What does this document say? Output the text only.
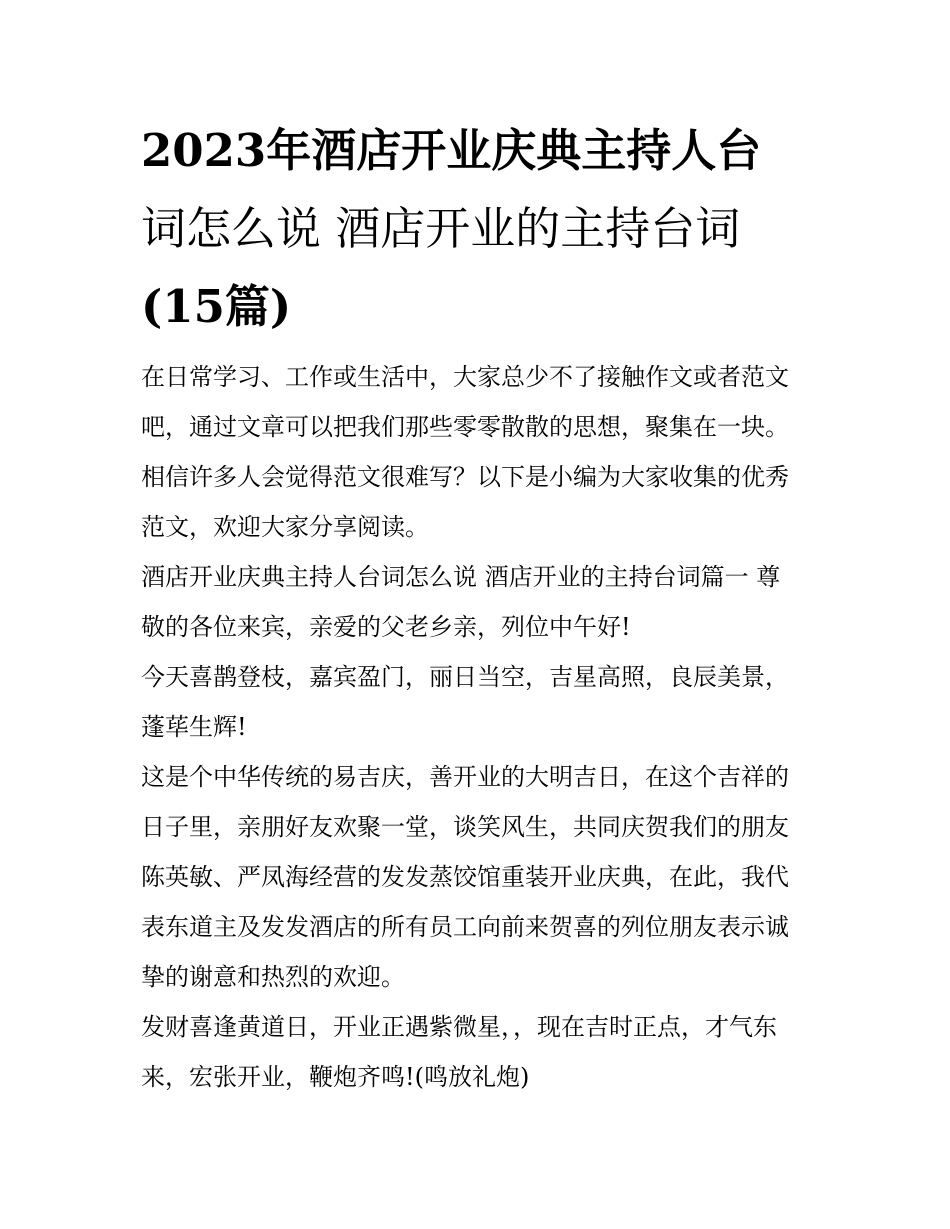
2023年酒店开业庆典主持人台
词怎么说 酒店开业的主持台词
(15篇)

在日常学习、工作或生活中，大家总少不了接触作文或者范文
吧，通过文章可以把我们那些零零散散的思想，聚集在一块。
相信许多人会觉得范文很难写？以下是小编为大家收集的优秀
范文，欢迎大家分享阅读。

酒店开业庆典主持人台词怎么说 酒店开业的主持台词篇一 尊
敬的各位来宾，亲爱的父老乡亲，列位中午好!

今天喜鹊登枝，嘉宾盈门，丽日当空，吉星高照，良辰美景，
蓬荜生辉!

这是个中华传统的易吉庆，善开业的大明吉日，在这个吉祥的
日子里，亲朋好友欢聚一堂，谈笑风生，共同庆贺我们的朋友
陈英敏、严凤海经营的发发蒸饺馆重装开业庆典，在此，我代
表东道主及发发酒店的所有员工向前来贺喜的列位朋友表示诚
挚的谢意和热烈的欢迎。

发财喜逢黄道日，开业正遇紫微星，，现在吉时正点，才气东
来，宏张开业，鞭炮齐鸣!(鸣放礼炮)
